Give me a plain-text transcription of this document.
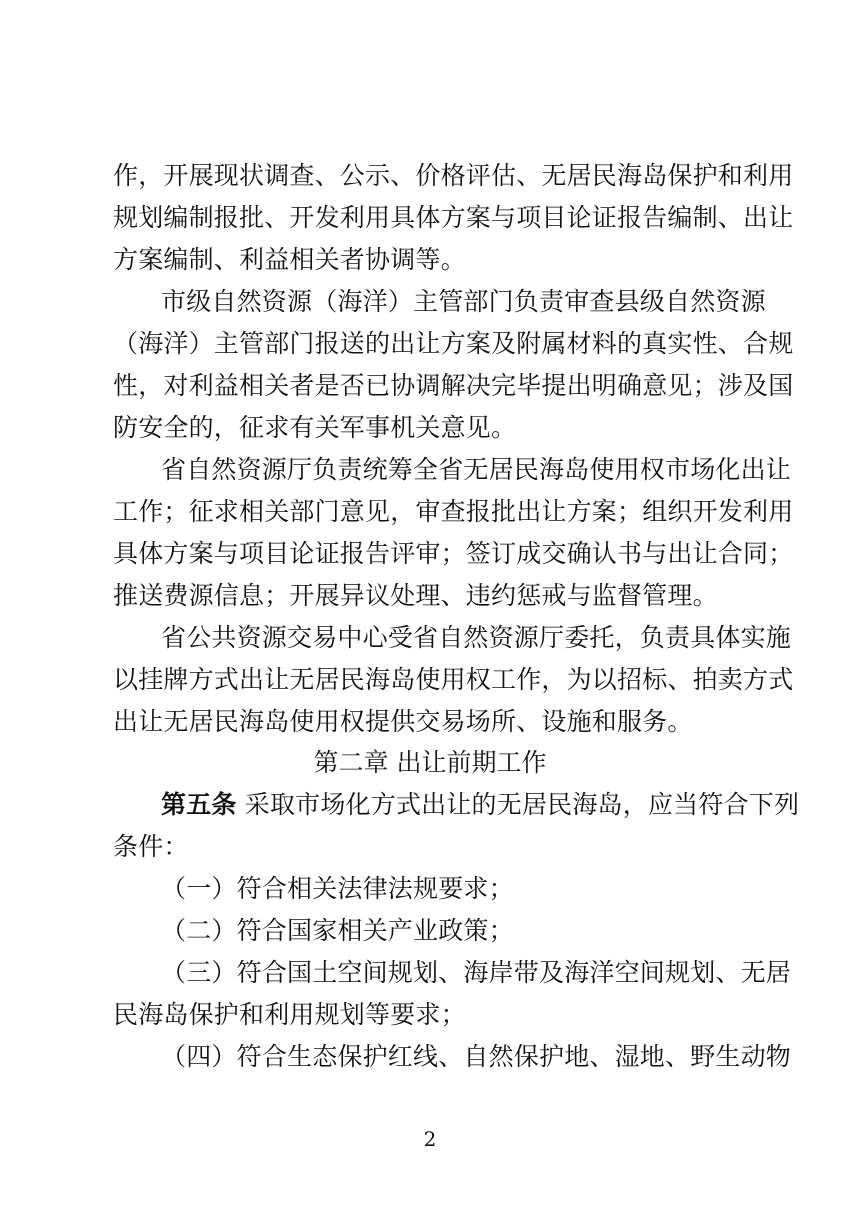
作，开展现状调查、公示、价格评估、无居民海岛保护和利用
规划编制报批、开发利用具体方案与项目论证报告编制、出让
方案编制、利益相关者协调等。
市级自然资源（海洋）主管部门负责审查县级自然资源
（海洋）主管部门报送的出让方案及附属材料的真实性、合规
性，对利益相关者是否已协调解决完毕提出明确意见；涉及国
防安全的，征求有关军事机关意见。
省自然资源厅负责统筹全省无居民海岛使用权市场化出让
工作；征求相关部门意见，审查报批出让方案；组织开发利用
具体方案与项目论证报告评审；签订成交确认书与出让合同；
推送费源信息；开展异议处理、违约惩戒与监督管理。
省公共资源交易中心受省自然资源厅委托，负责具体实施
以挂牌方式出让无居民海岛使用权工作，为以招标、拍卖方式
出让无居民海岛使用权提供交易场所、设施和服务。
第二章 出让前期工作
第五条 采取市场化方式出让的无居民海岛，应当符合下列
条件：
（一）符合相关法律法规要求；
（二）符合国家相关产业政策；
（三）符合国土空间规划、海岸带及海洋空间规划、无居
民海岛保护和利用规划等要求；
（四）符合生态保护红线、自然保护地、湿地、野生动物
2
